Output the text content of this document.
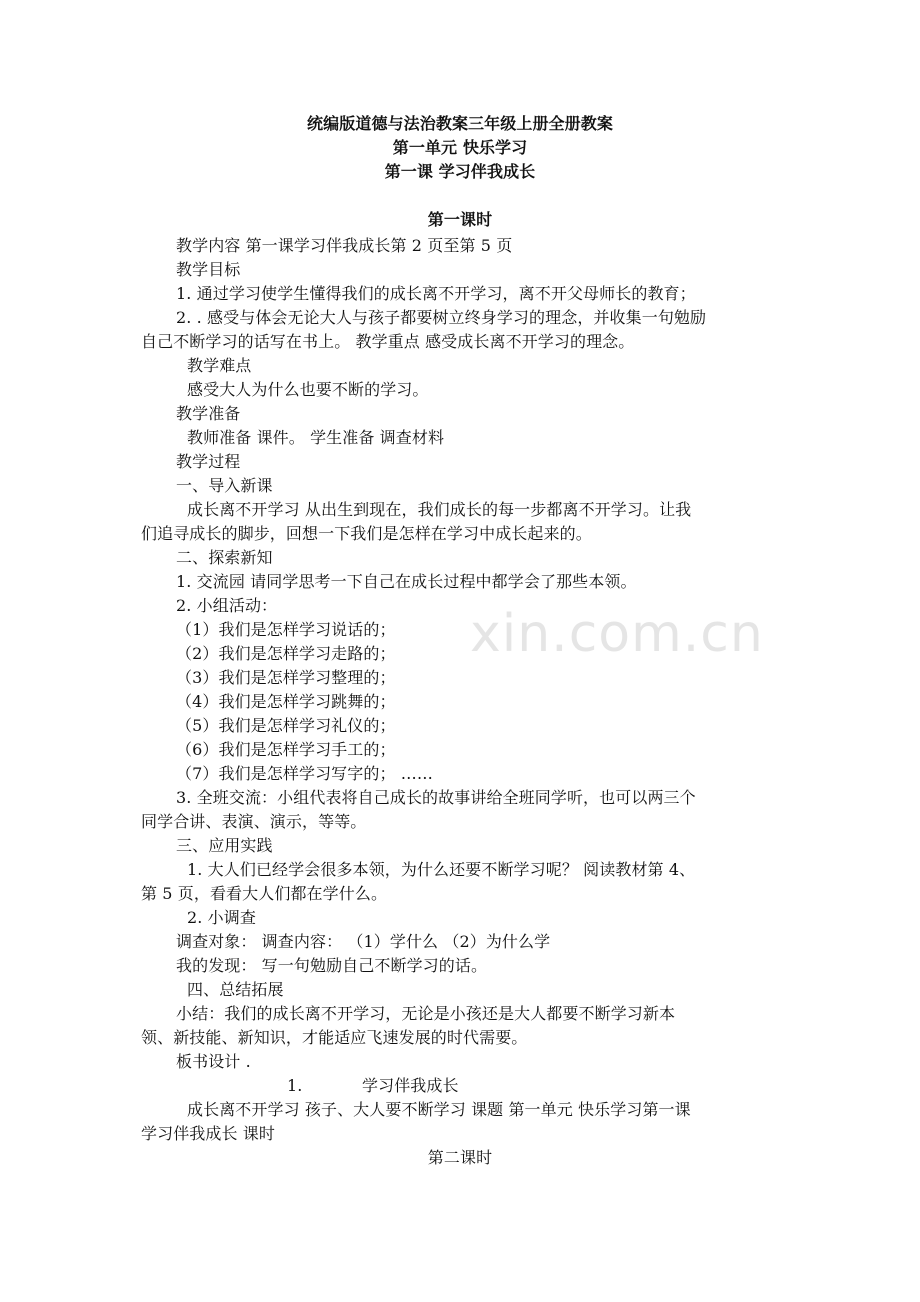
统编版道德与法治教案三年级上册全册教案
第一单元 快乐学习
第一课 学习伴我成长
第一课时
教学内容 第一课学习伴我成长第 2 页至第 5 页
教学目标
1. 通过学习使学生懂得我们的成长离不开学习，离不开父母师长的教育；
2. . 感受与体会无论大人与孩子都要树立终身学习的理念，并收集一句勉励
自己不断学习的话写在书上。 教学重点 感受成长离不开学习的理念。
教学难点
感受大人为什么也要不断的学习。
教学准备
教师准备 课件。 学生准备 调查材料
教学过程
一、导入新课
成长离不开学习 从出生到现在，我们成长的每一步都离不开学习。让我
们追寻成长的脚步，回想一下我们是怎样在学习中成长起来的。
二、探索新知
1. 交流园 请同学思考一下自己在成长过程中都学会了那些本领。
2. 小组活动：
（1）我们是怎样学习说话的；
（2）我们是怎样学习走路的；
（3）我们是怎样学习整理的；
（4）我们是怎样学习跳舞的；
（5）我们是怎样学习礼仪的；
（6）我们是怎样学习手工的；
（7）我们是怎样学习写字的； ……
3. 全班交流：小组代表将自己成长的故事讲给全班同学听，也可以两三个
同学合讲、表演、演示，等等。
三、应用实践
1. 大人们已经学会很多本领，为什么还要不断学习呢？ 阅读教材第 4、
第 5 页，看看大人们都在学什么。
2. 小调查
调查对象： 调查内容： （1）学什么 （2）为什么学
我的发现： 写一句勉励自己不断学习的话。
四、总结拓展
小结：我们的成长离不开学习，无论是小孩还是大人都要不断学习新本
领、新技能、新知识，才能适应飞速发展的时代需要。
板书设计 .
1.	学习伴我成长
成长离不开学习 孩子、大人要不断学习 课题 第一单元 快乐学习第一课
学习伴我成长 课时
第二课时
xin.com.cn
